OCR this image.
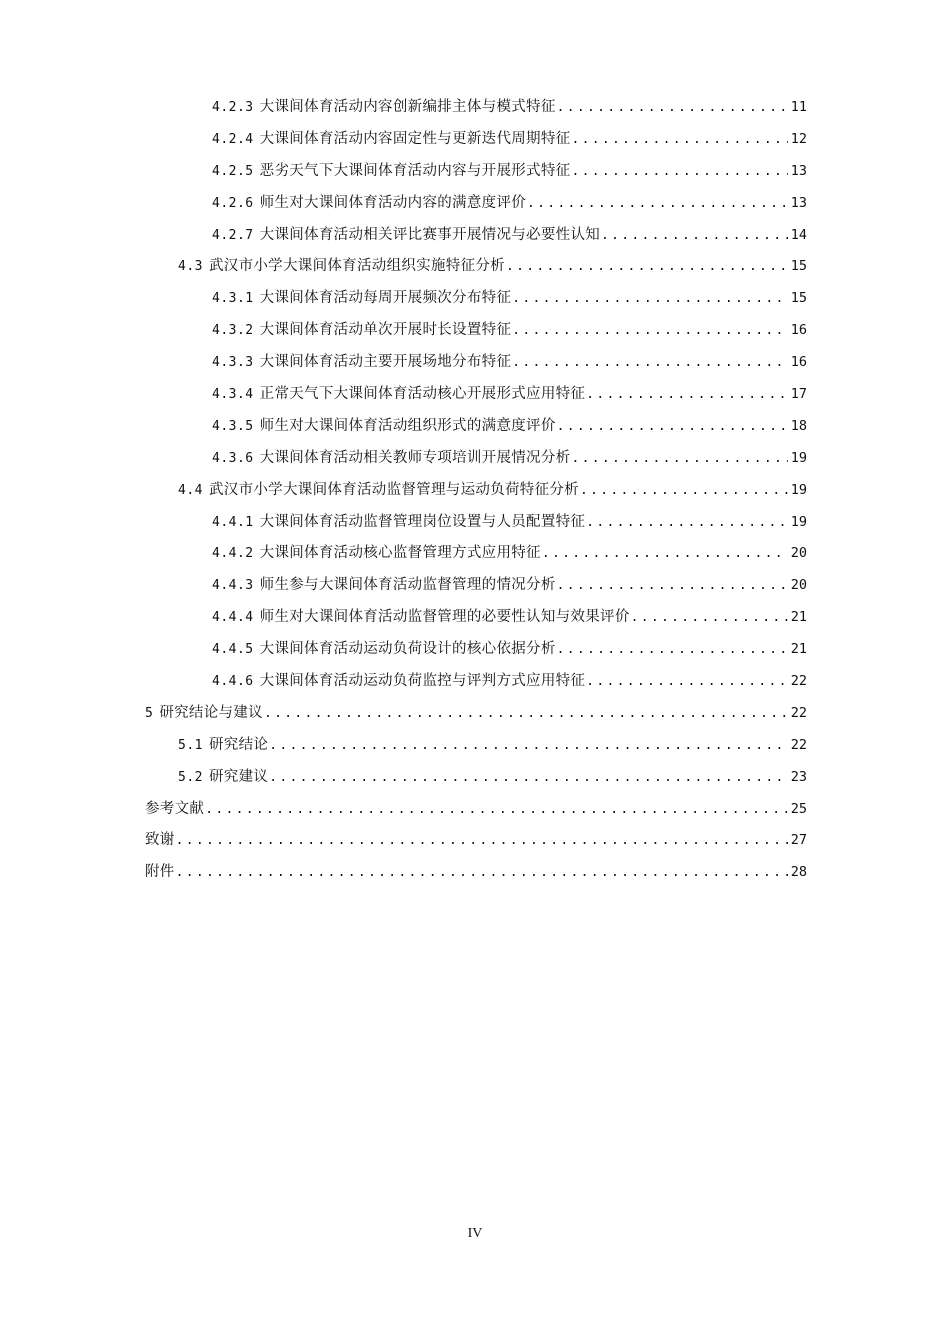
4.2.3 大课间体育活动内容创新编排主体与模式特征 .....	11
4.2.4 大课间体育活动内容固定性与更新迭代周期特征 .....	12
4.2.5 恶劣天气下大课间体育活动内容与开展形式特征 .....	13
4.2.6 师生对大课间体育活动内容的满意度评价 .....	13
4.2.7 大课间体育活动相关评比赛事开展情况与必要性认知 .....	14
4.3 武汉市小学大课间体育活动组织实施特征分析 .....	15
4.3.1 大课间体育活动每周开展频次分布特征 .....	15
4.3.2 大课间体育活动单次开展时长设置特征 .....	16
4.3.3 大课间体育活动主要开展场地分布特征 .....	16
4.3.4 正常天气下大课间体育活动核心开展形式应用特征 .....	17
4.3.5 师生对大课间体育活动组织形式的满意度评价 .....	18
4.3.6 大课间体育活动相关教师专项培训开展情况分析 .....	19
4.4 武汉市小学大课间体育活动监督管理与运动负荷特征分析 .....	19
4.4.1 大课间体育活动监督管理岗位设置与人员配置特征 .....	19
4.4.2 大课间体育活动核心监督管理方式应用特征 .....	20
4.4.3 师生参与大课间体育活动监督管理的情况分析 .....	20
4.4.4 师生对大课间体育活动监督管理的必要性认知与效果评价 .....	21
4.4.5 大课间体育活动运动负荷设计的核心依据分析 .....	21
4.4.6 大课间体育活动运动负荷监控与评判方式应用特征 .....	22
5 研究结论与建议 .....	22
5.1 研究结论 .....	22
5.2 研究建议 .....	23
参考文献 .....	25
致谢 .....	27
附件 .....	28
IV
